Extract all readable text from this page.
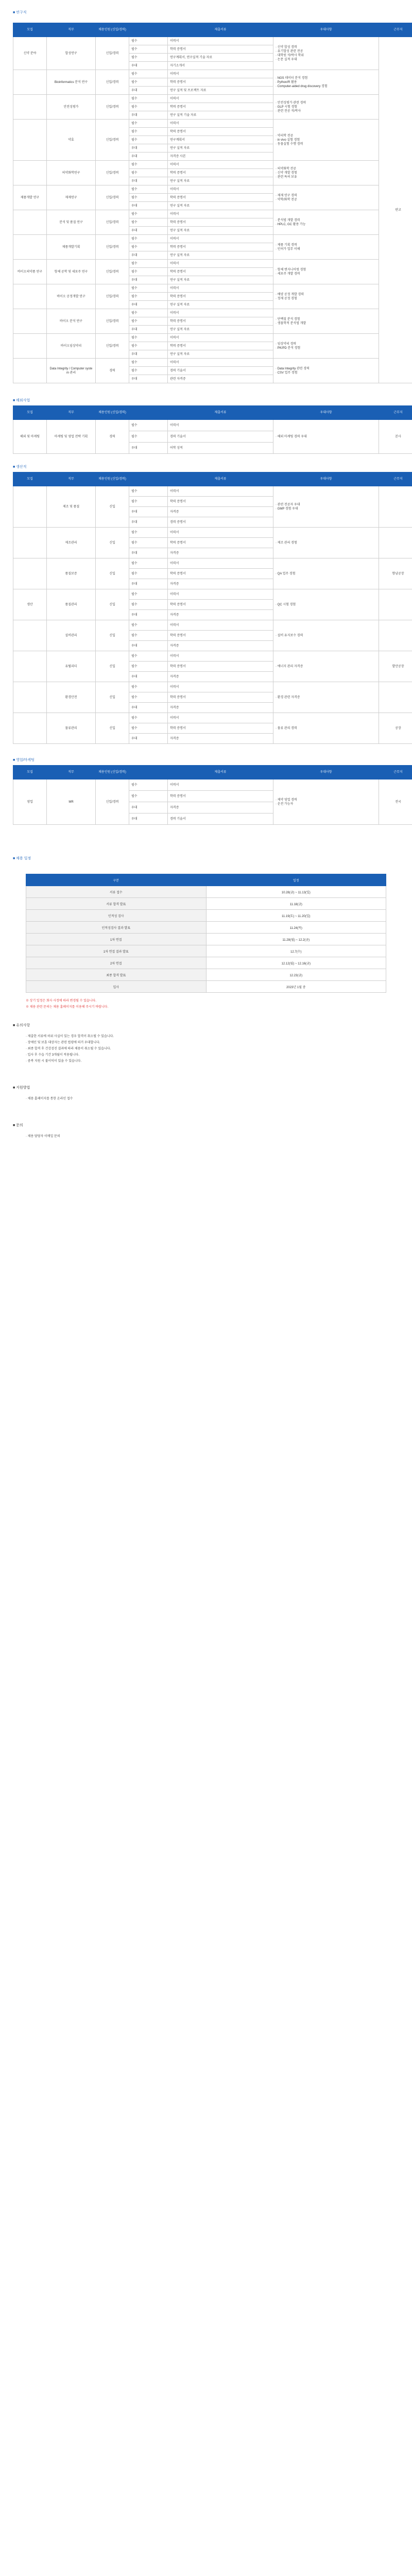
■ 연구직
모집	직무	채용인원 (신입/경력)		제출서류	우대사항	근무지
신약 분야	합성연구	신입/경력	필수	이력서	· 신약 합성 경력
· 유기합성 관련 전공
· 대학원 석/박사 학위
· 논문 실적 우대	판교
			필수	학력 증명서		
			필수	연구계획서, 연구실적 기술 자료		
			우대	자기소개서		
	Bioinformatics 분석 연구	신입/경력	필수	이력서	· NGS 데이터 분석 경험
· Python/R 활용
· Computer-aided drug discovery 경험	
			필수	학력 증명서		
			우대	연구 실적 및 프로젝트 자료		
	안전성평가	신입/경력	필수	이력서	· 안전성평가 관련 경력
· GLP 시험 경험
· 관련 전공 석/박사	
			필수	학력 증명서		
			우대	연구 실적 기술 자료		
	약효	신입/경력	필수	이력서	· 약리학 전공
· in vivo 실험 경험
· 동물실험 수행 경력	
			필수	학력 증명서		
			필수	연구계획서		
			우대	연구 실적 자료		
			우대	자격증 사본		
	의약화학연구	신입/경력	필수	이력서	· 의약화학 전공
· 신약 개발 경험
· 관련 특허 보유	
			필수	학력 증명서		
			우대	연구 실적 자료		
제품개발 연구	제제연구	신입/경력	필수	이력서	· 제제 연구 경력
· 약학/화학 전공	
			필수	학력 증명서		
			우대	연구 실적 자료		
	분석 및 품질 연구	신입/경력	필수	이력서	· 분석법 개발 경력
· HPLC, GC 활용 가능	
			필수	학력 증명서		
			우대	연구 실적 자료		
	제품개발기획	신입/경력	필수	이력서	· 제품 기획 경력
· 인허가 업무 이해	
			필수	학력 증명서		
			우대	연구 실적 자료		
바이오의약품 연구	항체 공학 및 세포주 연구	신입/경력	필수	이력서	· 항체 엔지니어링 경험
· 세포주 개발 경력	
			필수	학력 증명서		
			우대	연구 실적 자료		
	바이오 공정개발 연구	신입/경력	필수	이력서	· 배양 공정 개발 경력
· 정제 공정 경험	
			필수	학력 증명서		
			우대	연구 실적 자료		
	바이오 분석 연구	신입/경력	필수	이력서	· 단백질 분석 경험
· 생물학적 분석법 개발	
			필수	학력 증명서		
			우대	연구 실적 자료		
	바이오임상약리	신입/경력	필수	이력서	· 임상약리 경력
· PK/PD 분석 경험	
			필수	학력 증명서		
			우대	연구 실적 자료		
	Data Integrity / Computer system 관리	경력	필수	이력서	· Data Integrity 관련 경력
· CSV 업무 경험	
			필수	경력 기술서		
			우대	관련 자격증		
■ 해외사업
모집	직무	채용인원 (신입/경력)		제출서류	우대사항	근무지
해외 및 마케팅	마케팅 및 영업 전략 기획	경력	필수	이력서	· 해외 마케팅 경력 우대	본사
			필수	경력 기술서		
			우대	어학 성적		
■ 생산직
모집	직무	채용인원 (신입/경력)		제출서류	우대사항	근무지
	제조 및 품질	신입	필수	이력서	· 관련 전공자 우대
· GMP 경험 우대	
			필수	학력 증명서		
			우대	자격증		
			우대	경력 증명서		
	제조관리	신입	필수	이력서	· 제조 관리 경험	
			필수	학력 증명서		
			우대	자격증		
	품질보증	신입	필수	이력서	· QA 업무 경험	향남공장
			필수	학력 증명서		
			우대	자격증		
생산	품질관리	신입	필수	이력서	· QC 시험 경험	
			필수	학력 증명서		
			우대	자격증		
	설비관리	신입	필수	이력서	· 설비 유지보수 경력	
			필수	학력 증명서		
			우대	자격증		
	유틸리티	신입	필수	이력서	· 에너지 관리 자격증	발안공장
			필수	학력 증명서		
			우대	자격증		
	환경안전	신입	필수	이력서	· 환경 관련 자격증	
			필수	학력 증명서		
			우대	자격증		
	물류관리	신입	필수	이력서	· 물류 관리 경력	공장
			필수	학력 증명서		
			우대	자격증		
■ 영업/마케팅
모집	직무	채용인원 (신입/경력)		제출서류	우대사항	근무지
영업	MR	신입/경력	필수	이력서	· 제약 영업 경력
· 운전 가능자	전국
			필수	학력 증명서		
			우대	자격증		
			우대	경력 기술서		
■ 채용 일정
구분	일정
서류 접수	10.28(금) ~ 11.13(일)
서류 합격 발표	11.18(금)
인적성 검사	11.19(토) ~ 11.20(일)
인적성검사 결과 발표	11.24(목)
1차 면접	11.28(월) ~ 12.2(금)
1차 면접 결과 발표	12.7(수)
2차 면접	12.12(월) ~ 12.16(금)
최종 합격 발표	12.23(금)
입사	2023년 1월 중

※ 상기 일정은 회사 사정에 따라 변경될 수 있습니다.

※ 채용 관련 문의는 채용 홈페이지를 이용해 주시기 바랍니다.

■ 유의사항

· 제출한 서류에 허위 사실이 있는 경우 합격이 취소될 수 있습니다.

· 장애인 및 보훈 대상자는 관련 법령에 의거 우대합니다.

· 최종 합격 후 건강검진 결과에 따라 채용이 취소될 수 있습니다.

· 입사 후 수습 기간 3개월이 적용됩니다.

· 중복 지원 시 불이익이 있을 수 있습니다.

■ 지원방법

· 채용 홈페이지를 통한 온라인 접수

■ 문의

· 채용 담당자 이메일 문의
